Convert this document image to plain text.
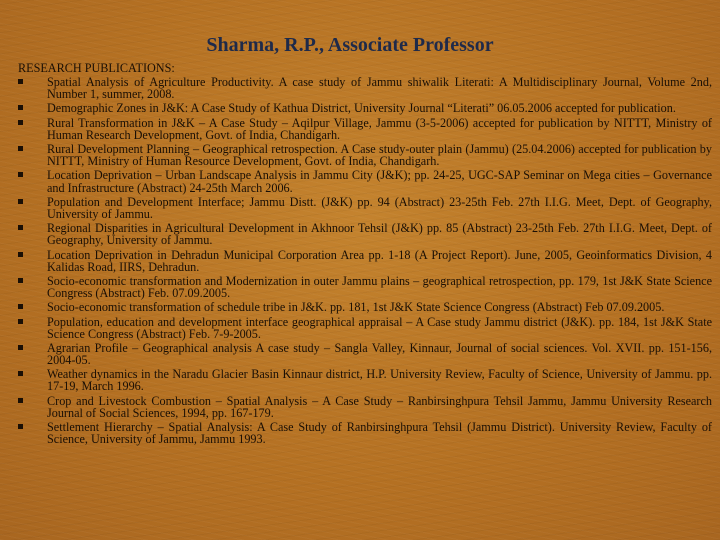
Sharma, R.P., Associate Professor
RESEARCH PUBLICATIONS:
Spatial Analysis of Agriculture Productivity. A case study of Jammu shiwalik Literati: A Multidisciplinary Journal, Volume 2nd, Number 1, summer, 2008.
Demographic Zones in J&K: A Case Study of Kathua District, University Journal “Literati” 06.05.2006 accepted for publication.
Rural Transformation in J&K – A Case Study – Aqilpur Village, Jammu (3-5-2006) accepted for publication by NITTT, Ministry of Human Research Development, Govt. of India, Chandigarh.
Rural Development Planning – Geographical retrospection. A Case study-outer plain (Jammu) (25.04.2006) accepted for publication by NITTT, Ministry of Human Resource Development, Govt. of India, Chandigarh.
Location Deprivation – Urban Landscape Analysis in Jammu City (J&K); pp. 24-25, UGC-SAP Seminar on Mega cities – Governance and Infrastructure (Abstract) 24-25th March 2006.
Population and Development Interface; Jammu Distt. (J&K) pp. 94 (Abstract) 23-25th Feb. 27th I.I.G. Meet, Dept. of Geography, University of Jammu.
Regional Disparities in Agricultural Development in Akhnoor Tehsil (J&K) pp. 85 (Abstract) 23-25th Feb. 27th I.I.G. Meet, Dept. of Geography, University of Jammu.
Location Deprivation in Dehradun Municipal Corporation Area pp. 1-18 (A Project Report). June, 2005, Geoinformatics Division, 4 Kalidas Road, IIRS, Dehradun.
Socio-economic transformation and Modernization in outer Jammu plains – geographical retrospection, pp. 179, 1st J&K State Science Congress (Abstract) Feb. 07.09.2005.
Socio-economic transformation of schedule tribe in J&K. pp. 181, 1st J&K State Science Congress (Abstract) Feb 07.09.2005.
Population, education and development interface geographical appraisal – A Case study Jammu district (J&K). pp. 184, 1st J&K State Science Congress (Abstract) Feb. 7-9-2005.
Agrarian Profile – Geographical analysis A case study – Sangla Valley, Kinnaur, Journal of social sciences. Vol. XVII. pp. 151-156, 2004-05.
Weather dynamics in the Naradu Glacier Basin Kinnaur district, H.P. University Review, Faculty of Science, University of Jammu. pp. 17-19, March 1996.
Crop and Livestock Combustion – Spatial Analysis – A Case Study – Ranbirsinghpura Tehsil Jammu, Jammu University Research Journal of Social Sciences, 1994, pp. 167-179.
Settlement Hierarchy – Spatial Analysis: A Case Study of Ranbirsinghpura Tehsil (Jammu District). University Review, Faculty of Science, University of Jammu, Jammu 1993.
